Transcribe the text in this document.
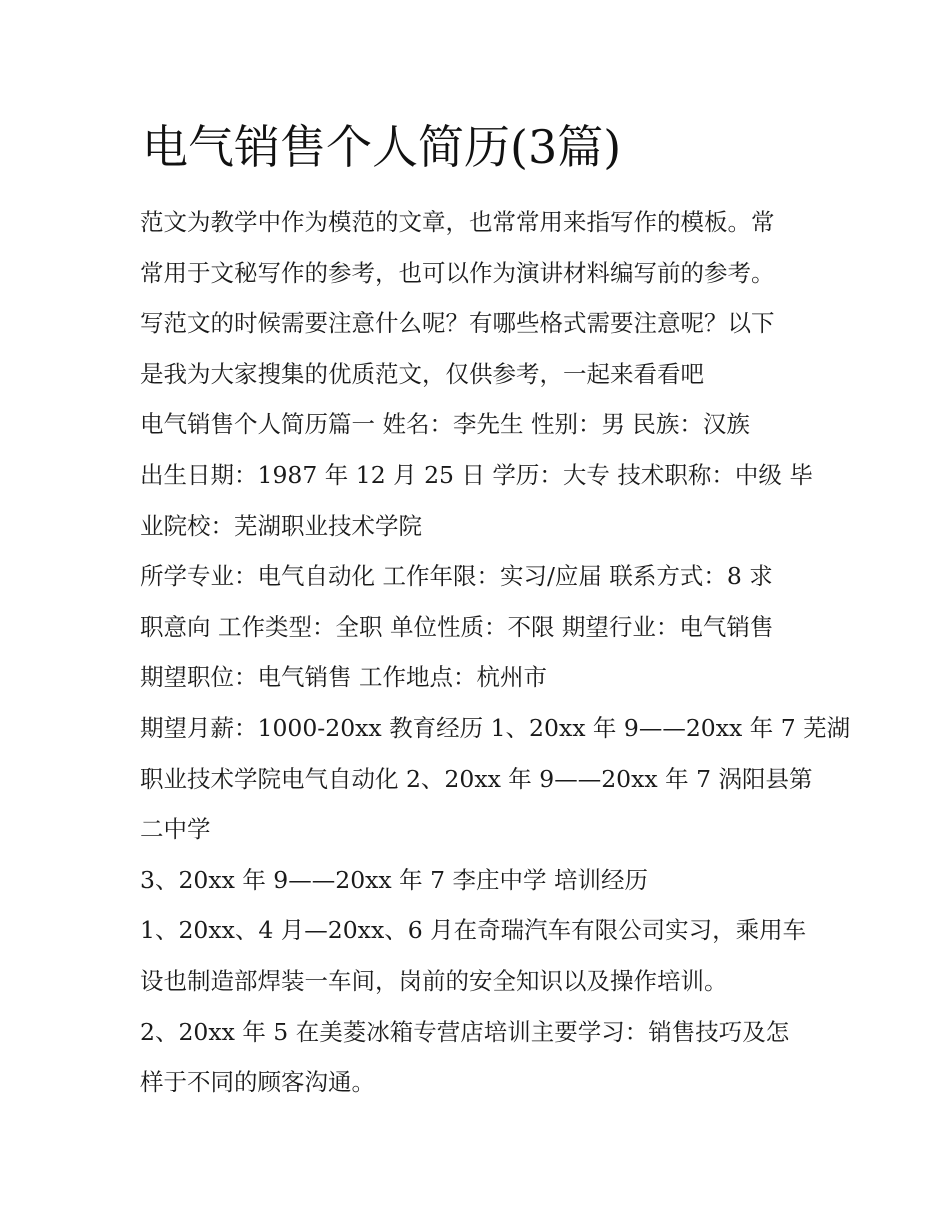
电气销售个人简历(3篇)

范文为教学中作为模范的文章，也常常用来指写作的模板。常
常用于文秘写作的参考，也可以作为演讲材料编写前的参考。
写范文的时候需要注意什么呢？有哪些格式需要注意呢？以下
是我为大家搜集的优质范文，仅供参考，一起来看看吧

电气销售个人简历篇一 姓名：李先生 性别：男 民族：汉族
出生日期：1987 年 12 月 25 日 学历：大专 技术职称：中级 毕
业院校：芜湖职业技术学院

所学专业：电气自动化 工作年限：实习/应届 联系方式：8 求
职意向 工作类型：全职 单位性质：不限 期望行业：电气销售
期望职位：电气销售 工作地点：杭州市

期望月薪：1000-20xx 教育经历 1、20xx 年 9——20xx 年 7 芜湖
职业技术学院电气自动化 2、20xx 年 9——20xx 年 7 涡阳县第
二中学

3、20xx 年 9——20xx 年 7 李庄中学 培训经历

1、20xx、4 月—20xx、6 月在奇瑞汽车有限公司实习，乘用车
设也制造部焊装一车间，岗前的安全知识以及操作培训。

2、20xx 年 5 在美菱冰箱专营店培训主要学习：销售技巧及怎
样于不同的顾客沟通。
